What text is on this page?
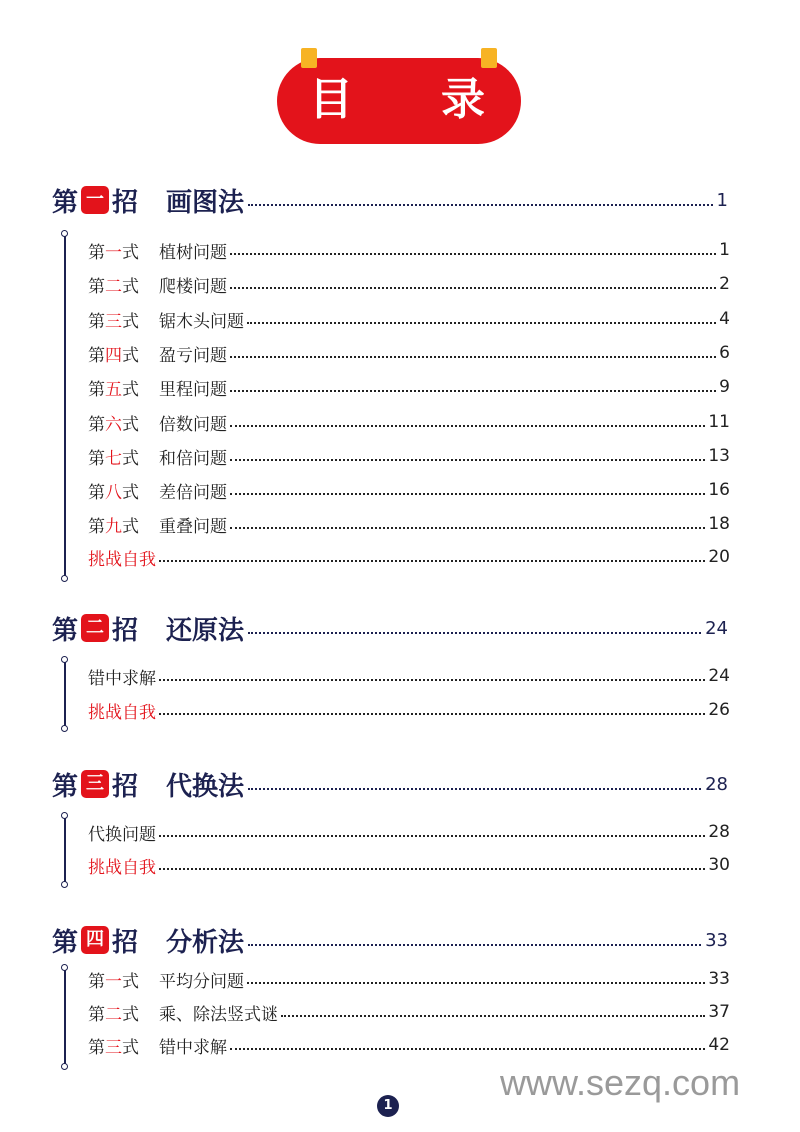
目 录
第 一 招 画图法	1
第一式 植树问题	1
第二式 爬楼问题	2
第三式 锯木头问题	4
第四式 盈亏问题	6
第五式 里程问题	9
第六式 倍数问题	11
第七式 和倍问题	13
第八式 差倍问题	16
第九式 重叠问题	18
挑战自我	20
第 二 招 还原法	24
错中求解	24
挑战自我	26
第 三 招 代换法	28
代换问题	28
挑战自我	30
第 四 招 分析法	33
第一式 平均分问题	33
第二式 乘、除法竖式谜	37
第三式 错中求解	42
www.sezq.com
1
